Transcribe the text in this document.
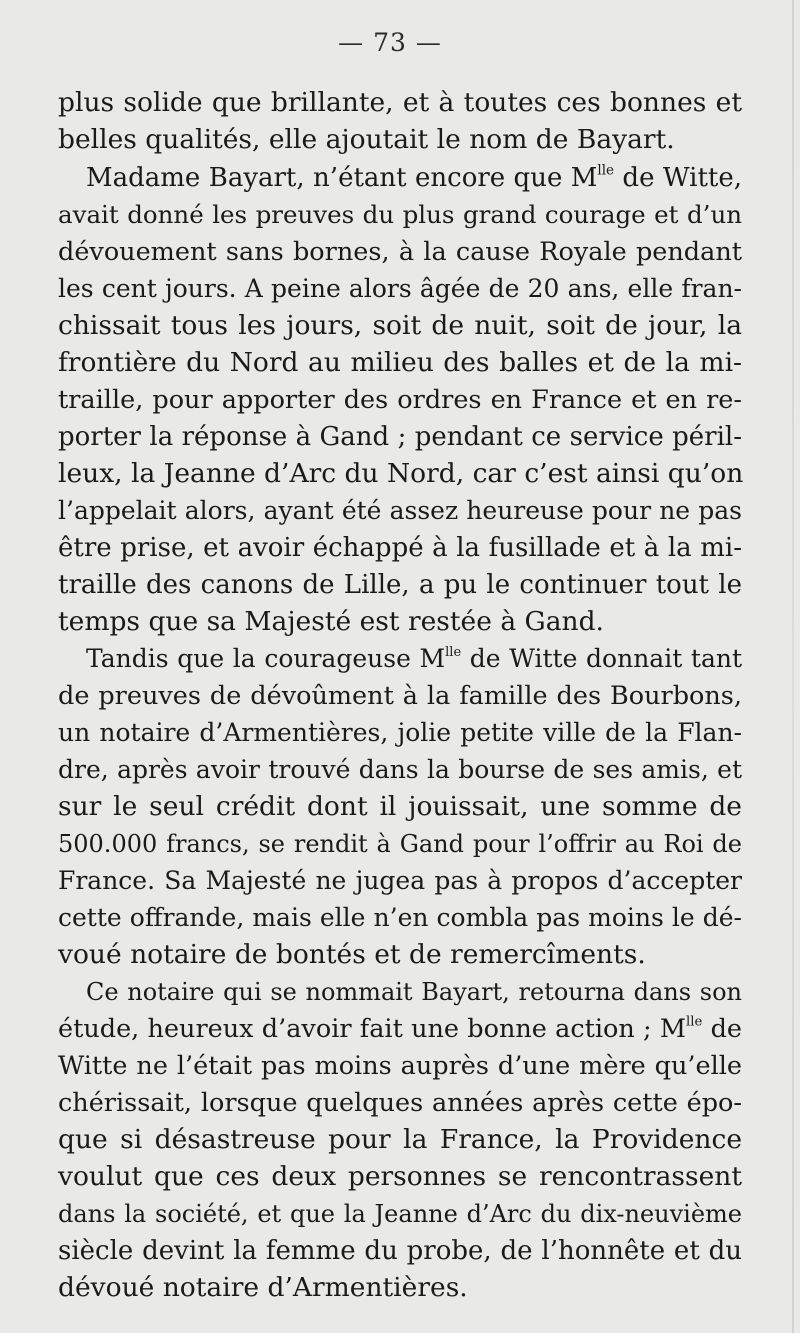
— 73 —
plus solide que brillante, et à toutes ces bonnes et
belles qualités, elle ajoutait le nom de Bayart.
Madame Bayart, n’étant encore que $M^{lle}$ de Witte,
avait donné les preuves du plus grand courage et d’un
dévouement sans bornes, à la cause Royale pendant
les cent jours. A peine alors âgée de 20 ans, elle fran-
chissait tous les jours, soit de nuit, soit de jour, la
frontière du Nord au milieu des balles et de la mi-
traille, pour apporter des ordres en France et en re-
porter la réponse à Gand ; pendant ce service péril-
leux, la Jeanne d’Arc du Nord, car c’est ainsi qu’on
l’appelait alors, ayant été assez heureuse pour ne pas
être prise, et avoir échappé à la fusillade et à la mi-
traille des canons de Lille, a pu le continuer tout le
temps que sa Majesté est restée à Gand.
Tandis que la courageuse $M^{lle}$ de Witte donnait tant
de preuves de dévoûment à la famille des Bourbons,
un notaire d’Armentières, jolie petite ville de la Flan-
dre, après avoir trouvé dans la bourse de ses amis, et
sur le seul crédit dont il jouissait, une somme de
500.000 francs, se rendit à Gand pour l’offrir au Roi de
France. Sa Majesté ne jugea pas à propos d’accepter
cette offrande, mais elle n’en combla pas moins le dé-
voué notaire de bontés et de remercîments.
Ce notaire qui se nommait Bayart, retourna dans son
étude, heureux d’avoir fait une bonne action ; $M^{lle}$ de
Witte ne l’était pas moins auprès d’une mère qu’elle
chérissait, lorsque quelques années après cette épo-
que si désastreuse pour la France, la Providence
voulut que ces deux personnes se rencontrassent
dans la société, et que la Jeanne d’Arc du dix-neuvième
siècle devint la femme du probe, de l’honnête et du
dévoué notaire d’Armentières.
